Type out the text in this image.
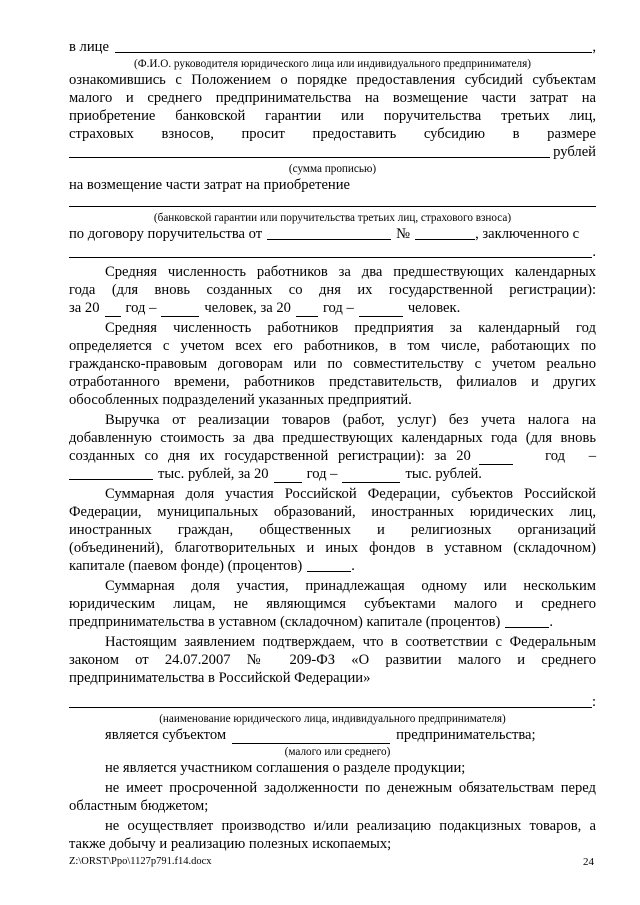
в лице	,
(Ф.И.О. руководителя юридического лица или индивидуального предпринимателя)
ознакомившись с Положением о порядке предоставления субсидий субъектам
малого и среднего предпринимательства на возмещение части затрат на
приобретение банковской гарантии или поручительства третьих лиц,
страховых взносов, просит предоставить субсидию в размере
рублей
(сумма прописью)
на возмещение части затрат на приобретение
(банковской гарантии или поручительства третьих лиц, страхового взноса)
по договору поручительства от	№	, заключенного с
.
Средняя численность работников за два предшествующих календарных
года (для вновь созданных со дня их государственной регистрации):
за 20 год –	человек, за 20 год –	человек.
Средняя численность работников предприятия за календарный год
определяется с учетом всех его работников, в том числе, работающих по
гражданско-правовым договорам или по совместительству с учетом реально
отработанного времени, работников представительств, филиалов и других
обособленных подразделений указанных предприятий.
Выручка от реализации товаров (работ, услуг) без учета налога на
добавленную стоимость за два предшествующих календарных года (для вновь
созданных со дня их государственной регистрации): за 20	год –
тыс. рублей, за 20	год –	тыс. рублей.
Суммарная доля участия Российской Федерации, субъектов Российской
Федерации, муниципальных образований, иностранных юридических лиц,
иностранных граждан, общественных и религиозных организаций
(объединений), благотворительных и иных фондов в уставном (складочном)
капитале (паевом фонде) (процентов)	.
Суммарная доля участия, принадлежащая одному или нескольким
юридическим лицам, не являющимся субъектами малого и среднего
предпринимательства в уставном (складочном) капитале (процентов)	.
Настоящим заявлением подтверждаем, что в соответствии с Федеральным
законом от 24.07.2007 № 209-ФЗ «О развитии малого и среднего
предпринимательства в Российской Федерации»
:
(наименование юридического лица, индивидуального предпринимателя)
является субъектом	предпринимательства;
(малого или среднего)
не является участником соглашения о разделе продукции;
не имеет просроченной задолженности по денежным обязательствам перед
областным бюджетом;
не осуществляет производство и/или реализацию подакцизных товаров, а
также добычу и реализацию полезных ископаемых;
Z:\ORST\Ppo\1127p791.f14.docx	24
